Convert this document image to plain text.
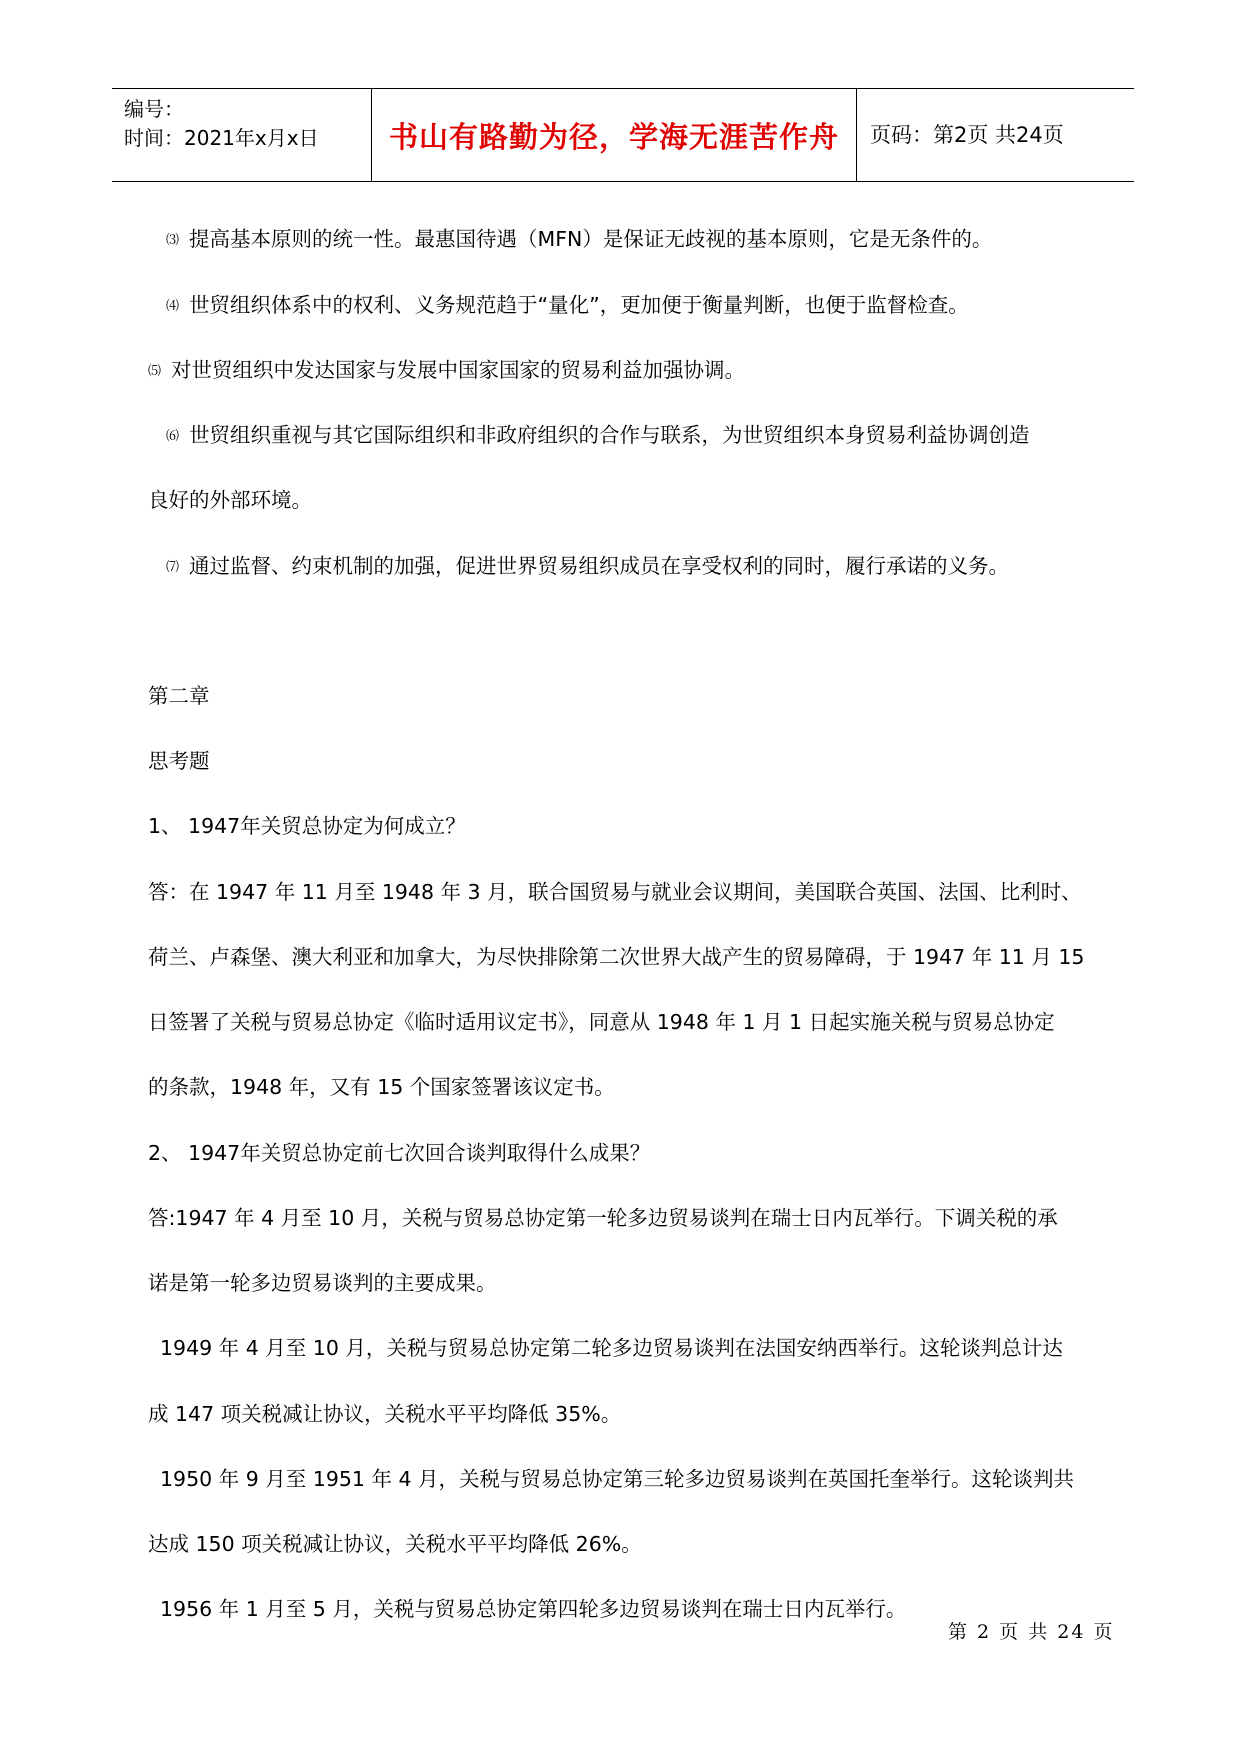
编号：
时间：2021年x月x日	书山有路勤为径，学海无涯苦作舟	页码：第2页 共24页
⑶ 提高基本原则的统一性。最惠国待遇（MFN）是保证无歧视的基本原则，它是无条件的。
⑷ 世贸组织体系中的权利、义务规范趋于“量化”，更加便于衡量判断，也便于监督检查。
⑸ 对世贸组织中发达国家与发展中国家国家的贸易利益加强协调。
⑹ 世贸组织重视与其它国际组织和非政府组织的合作与联系，为世贸组织本身贸易利益协调创造
良好的外部环境。
⑺ 通过监督、约束机制的加强，促进世界贸易组织成员在享受权利的同时，履行承诺的义务。
第二章
思考题
1、 1947年关贸总协定为何成立？
答：在 1947 年 11 月至 1948 年 3 月，联合国贸易与就业会议期间，美国联合英国、法国、比利时、
荷兰、卢森堡、澳大利亚和加拿大，为尽快排除第二次世界大战产生的贸易障碍，于 1947 年 11 月 15
日签署了关税与贸易总协定《临时适用议定书》，同意从 1948 年 1 月 1 日起实施关税与贸易总协定
的条款，1948 年，又有 15 个国家签署该议定书。
2、 1947年关贸总协定前七次回合谈判取得什么成果？
答:1947 年 4 月至 10 月，关税与贸易总协定第一轮多边贸易谈判在瑞士日内瓦举行。下调关税的承
诺是第一轮多边贸易谈判的主要成果。
1949 年 4 月至 10 月，关税与贸易总协定第二轮多边贸易谈判在法国安纳西举行。这轮谈判总计达
成 147 项关税减让协议，关税水平平均降低 35%。
1950 年 9 月至 1951 年 4 月，关税与贸易总协定第三轮多边贸易谈判在英国托奎举行。这轮谈判共
达成 150 项关税减让协议，关税水平平均降低 26%。
1956 年 1 月至 5 月，关税与贸易总协定第四轮多边贸易谈判在瑞士日内瓦举行。
第 2 页 共 24 页
